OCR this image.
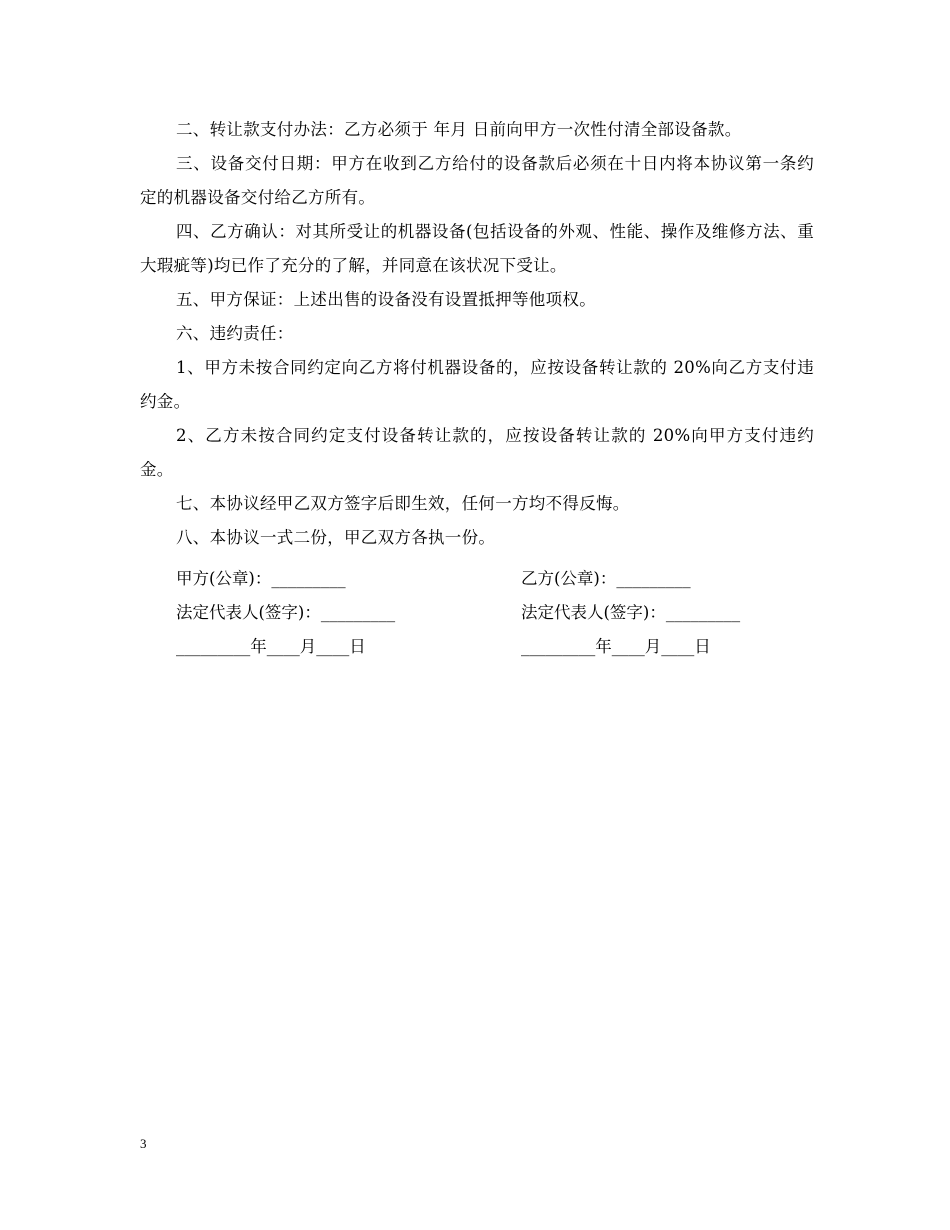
二、转让款支付办法：乙方必须于 年月 日前向甲方一次性付清全部设备款。

三、设备交付日期：甲方在收到乙方给付的设备款后必须在十日内将本协议第一条约定的机器设备交付给乙方所有。

四、乙方确认：对其所受让的机器设备(包括设备的外观、性能、操作及维修方法、重大瑕疵等)均已作了充分的了解，并同意在该状况下受让。

五、甲方保证：上述出售的设备没有设置抵押等他项权。

六、违约责任：

1、甲方未按合同约定向乙方将付机器设备的，应按设备转让款的 20%向乙方支付违约金。

2、乙方未按合同约定支付设备转让款的，应按设备转让款的 20%向甲方支付违约金。

七、本协议经甲乙双方签字后即生效，任何一方均不得反悔。

八、本协议一式二份，甲乙双方各执一份。

甲方(公章)：_________	乙方(公章)：_________
法定代表人(签字)：_________	法定代表人(签字)：_________
_________年____月____日	_________年____月____日
3
